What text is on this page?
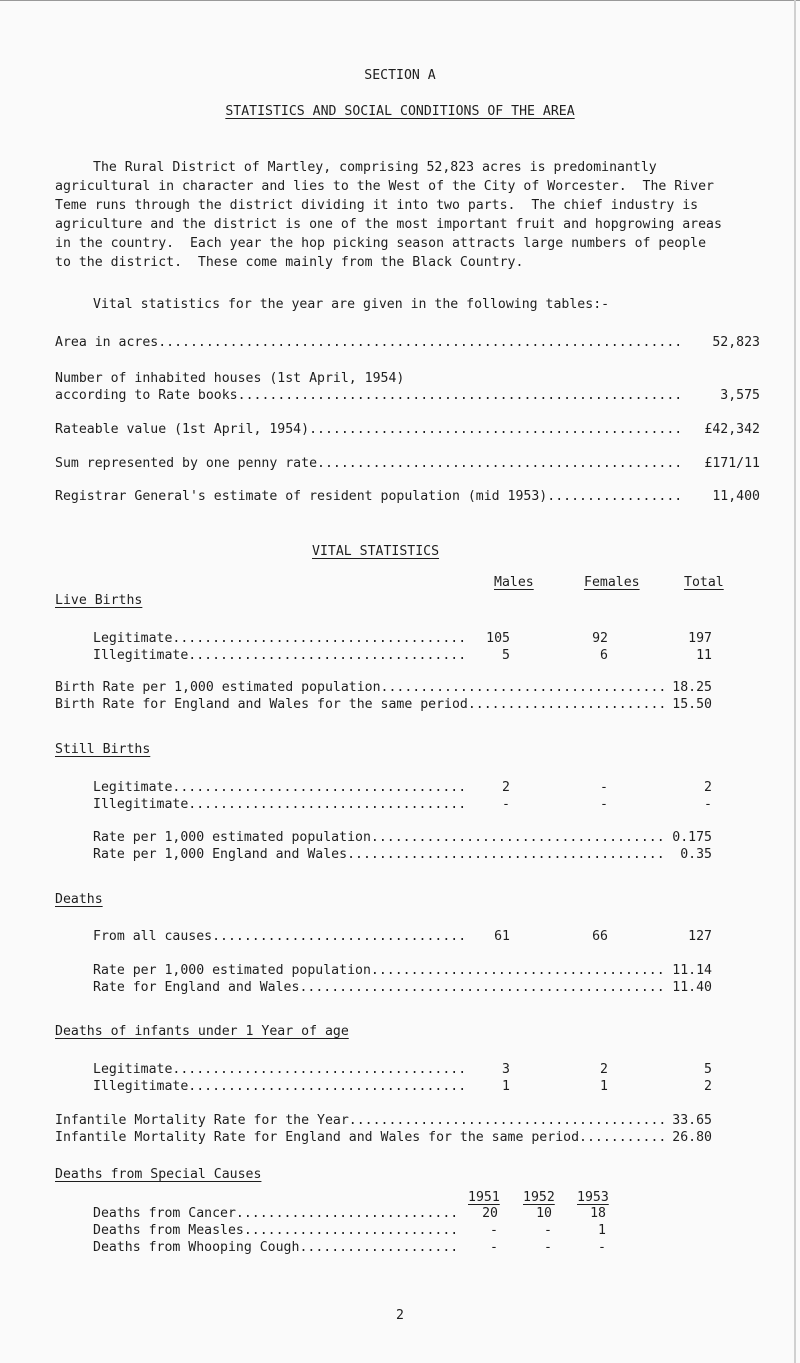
SECTION A
STATISTICS AND SOCIAL CONDITIONS OF THE AREA
The Rural District of Martley, comprising 52,823 acres is predominantly
agricultural in character and lies to the West of the City of Worcester.  The River
Teme runs through the district dividing it into two parts.  The chief industry is
agriculture and the district is one of the most important fruit and hopgrowing areas
in the country.  Each year the hop picking season attracts large numbers of people
to the district.  These come mainly from the Black Country.
Vital statistics for the year are given in the following tables:-
Area in acres .....	52,823
Number of inhabited houses (1st April, 1954)
according to Rate books .....	3,575
Rateable value (1st April, 1954) .....	£42,342
Sum represented by one penny rate .....	£171/11
Registrar General's estimate of resident population (mid 1953) .....	11,400
VITAL STATISTICS
Males	Females	Total
Live Births
Legitimate .....	105	92	197
Illegitimate .....	5	6	11
Birth Rate per 1,000 estimated population .....	18.25
Birth Rate for England and Wales for the same period .....	15.50
Still Births
Legitimate .....	2	-	2
Illegitimate .....	-	-	-
Rate per 1,000 estimated population .....	0.175
Rate per 1,000 England and Wales .....	0.35
Deaths
From all causes .....	61	66	127
Rate per 1,000 estimated population .....	11.14
Rate for England and Wales .....	11.40
Deaths of infants under 1 Year of age
Legitimate .....	3	2	5
Illegitimate .....	1	1	2
Infantile Mortality Rate for the Year .....	33.65
Infantile Mortality Rate for England and Wales for the same period .....	26.80
Deaths from Special Causes
1951 1952 1953
Deaths from Cancer .....	20	10	18
Deaths from Measles .....	-	-	1
Deaths from Whooping Cough .....	-	-	-
2
